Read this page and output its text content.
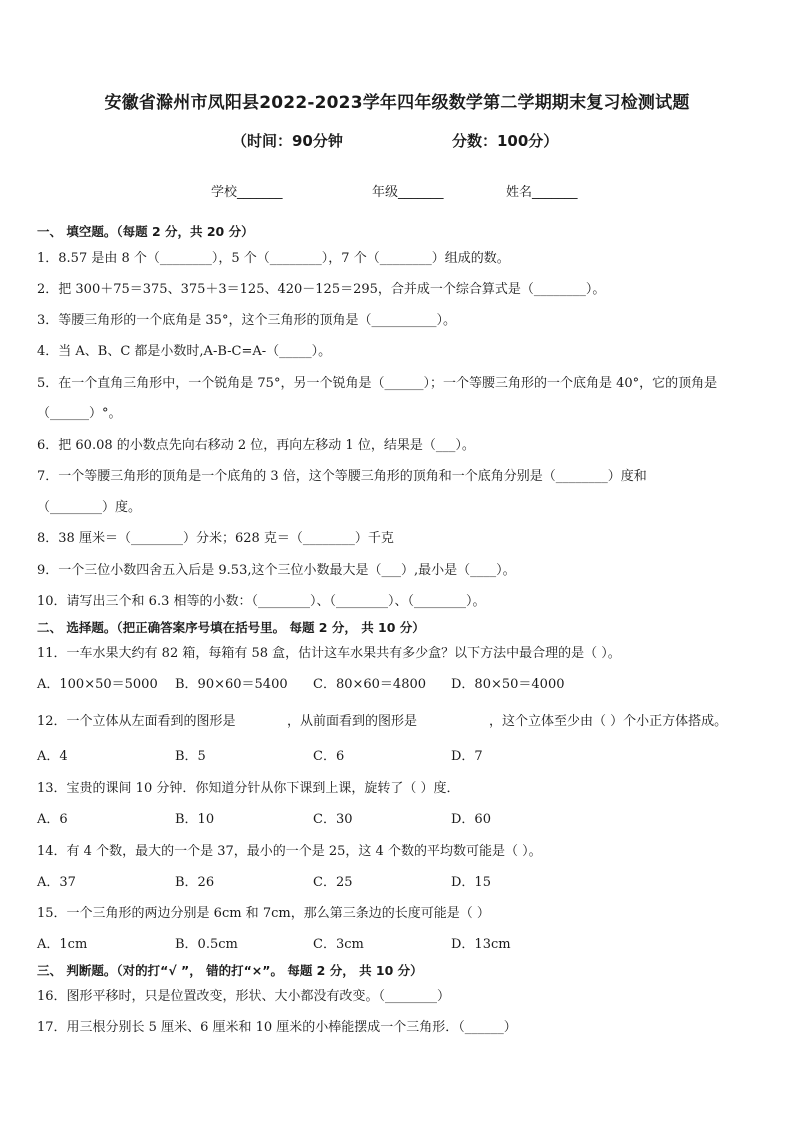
安徽省滁州市凤阳县2022-2023学年四年级数学第二学期期末复习检测试题
（时间：90分钟	分数：100分）
学校_______	年级_______	姓名_______
一、 填空题。（每题 2 分，共 20 分）
1．8.57 是由 8 个（________），5 个（________），7 个（________）组成的数。
2．把 300＋75＝375、375＋3＝125、420－125＝295，合并成一个综合算式是（________）。
3．等腰三角形的一个底角是 35°，这个三角形的顶角是（__________）。
4．当 A、B、C 都是小数时,A-B-C=A-（_____）。
5．在一个直角三角形中，一个锐角是 75°，另一个锐角是（______）；一个等腰三角形的一个底角是 40°，它的顶角是
（______）°。
6．把 60.08 的小数点先向右移动 2 位，再向左移动 1 位，结果是（___）。
7．一个等腰三角形的顶角是一个底角的 3 倍，这个等腰三角形的顶角和一个底角分别是（________）度和
（________）度。
8．38 厘米＝（________）分米；628 克＝（________）千克
9．一个三位小数四舍五入后是 9.53,这个三位小数最大是（___）,最小是（____）。
10．请写出三个和 6.3 相等的小数：（________）、（________）、（________）。
二、 选择题。（把正确答案序号填在括号里。 每题 2 分， 共 10 分）
11．一车水果大约有 82 箱，每箱有 58 盒，估计这车水果共有多少盒？以下方法中最合理的是（ ）。
A．100×50＝5000 B．90×60＝5400 C．80×60＝4800 D．80×50＝4000
12．一个立体从左面看到的图形是	，从前面看到的图形是	，这个立体至少由（ ）个小正方体搭成。
A．4	B．5	C．6	D．7
13．宝贵的课间 10 分钟．你知道分针从你下课到上课，旋转了（ ）度．
A．6	B．10	C．30	D．60
14．有 4 个数，最大的一个是 37，最小的一个是 25，这 4 个数的平均数可能是（ ）。
A．37	B．26	C．25	D．15
15．一个三角形的两边分别是 6cm 和 7cm，那么第三条边的长度可能是（ ）
A．1cm	B．0.5cm	C．3cm	D．13cm
三、 判断题。（对的打“√ ”， 错的打“×”。 每题 2 分， 共 10 分）
16．图形平移时，只是位置改变，形状、大小都没有改变。（________）
17．用三根分别长 5 厘米、6 厘米和 10 厘米的小棒能摆成一个三角形．（______）
